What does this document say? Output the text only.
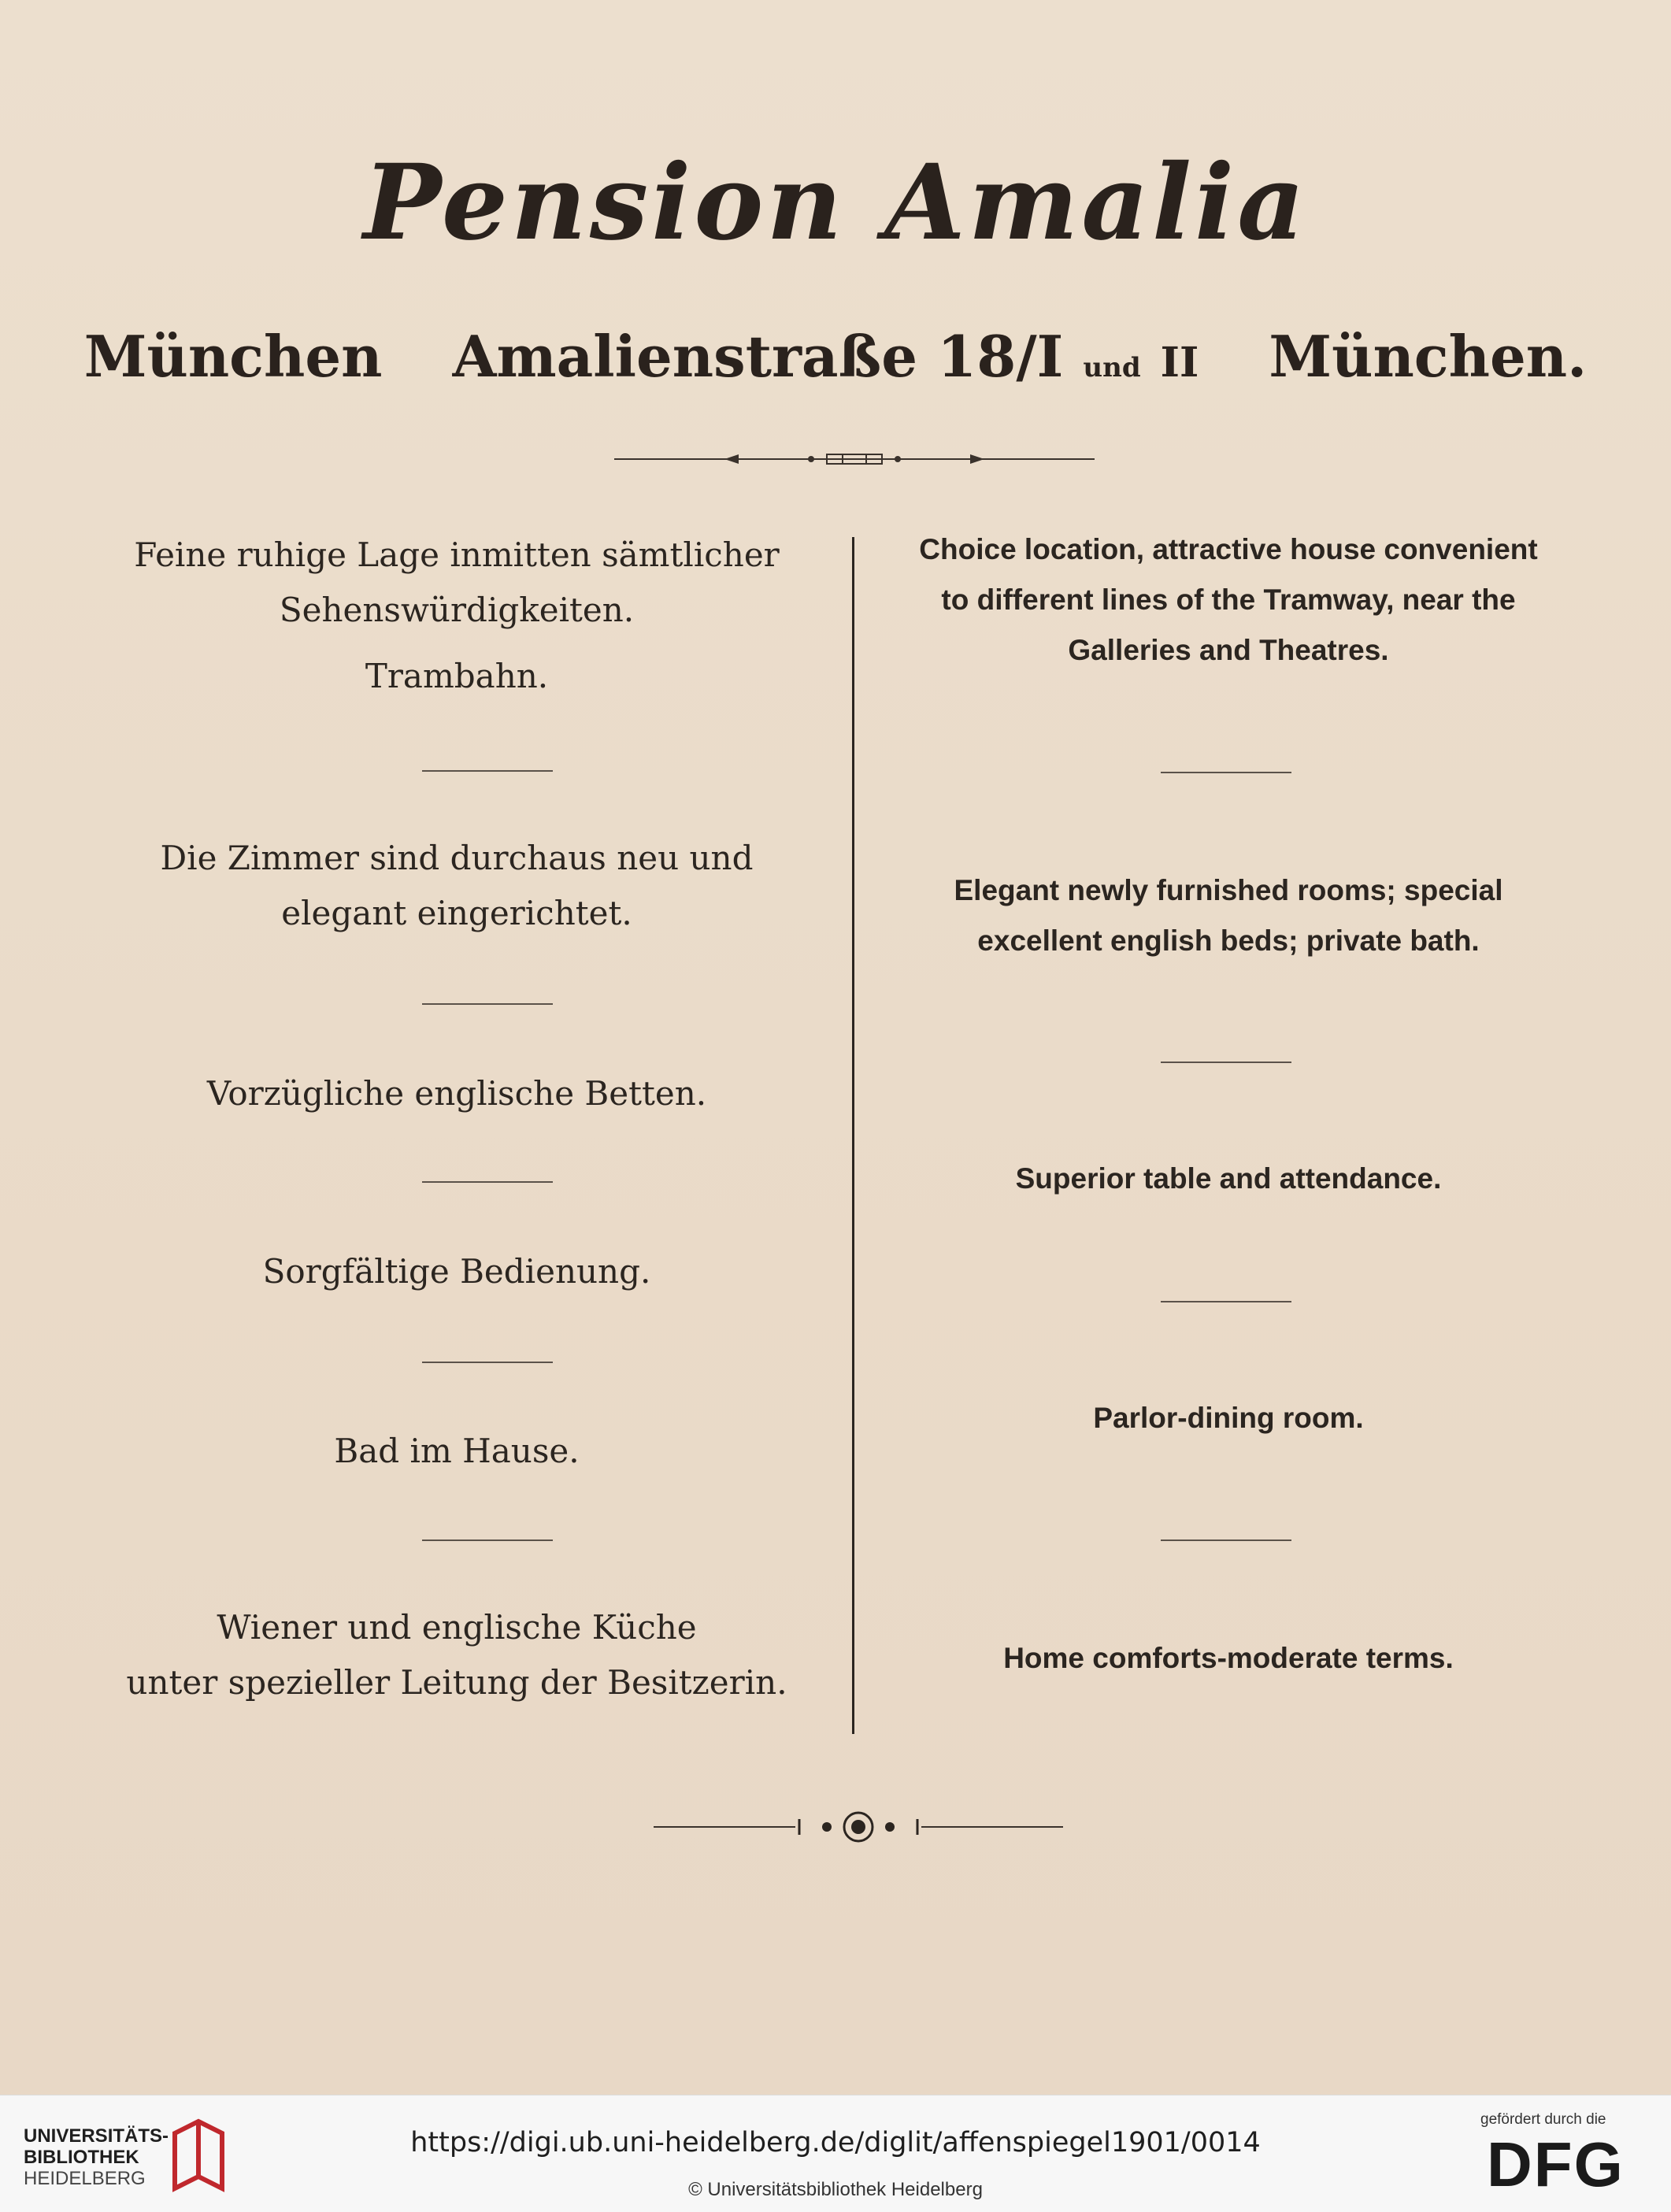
Pension Amalia
München Amalienstraße 18/I und II München.
Feine ruhige Lage inmitten sämtlicher
Sehenswürdigkeiten.
Trambahn.
Die Zimmer sind durchaus neu und
elegant eingerichtet.
Vorzügliche englische Betten.
Sorgfältige Bedienung.
Bad im Hause.
Wiener und englische Küche
unter spezieller Leitung der Besitzerin.
Choice location, attractive house convenient
to different lines of the Tramway, near the
Galleries and Theatres.
Elegant newly furnished rooms; special
excellent english beds; private bath.
Superior table and attendance.
Parlor-dining room.
Home comforts-moderate terms.
UNIVERSITÄTS-
BIBLIOTHEK
HEIDELBERG
https://digi.ub.uni-heidelberg.de/diglit/affenspiegel1901/0014
© Universitätsbibliothek Heidelberg
gefördert durch die
DFG
